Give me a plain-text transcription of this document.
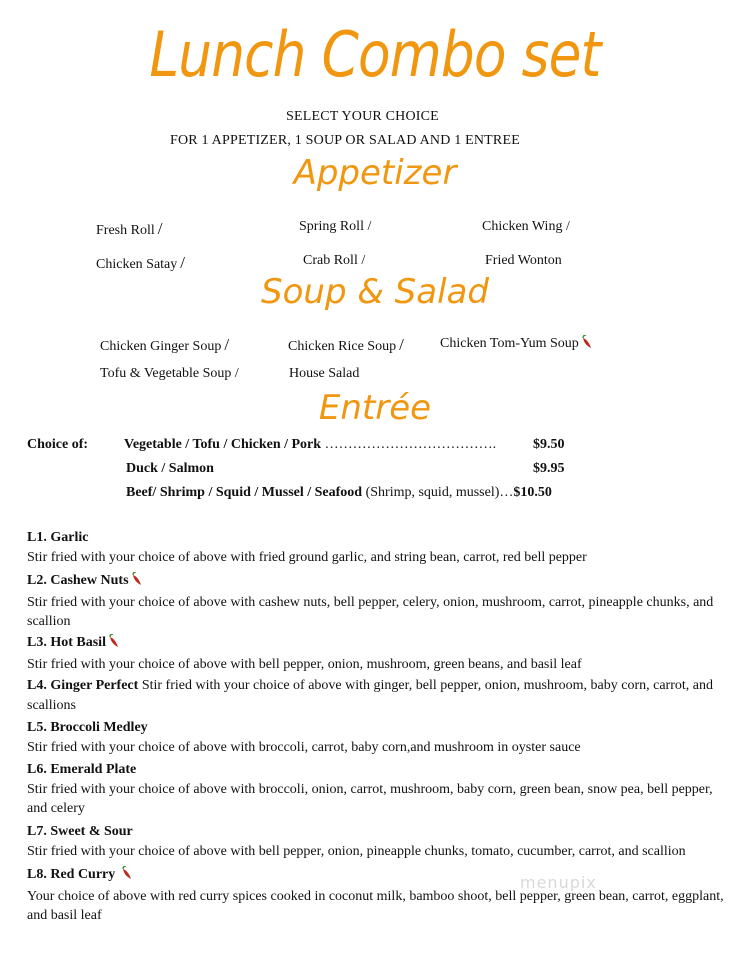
Lunch Combo set
SELECT YOUR CHOICE
FOR 1 APPETIZER, 1 SOUP OR SALAD AND 1 ENTREE
Appetizer
Fresh Roll /	Spring Roll /	Chicken Wing /
Chicken Satay /	Crab Roll /	Fried Wonton
Soup & Salad
Chicken Ginger Soup /	Chicken Rice Soup /	Chicken Tom-Yum Soup
Tofu & Vegetable Soup /	House Salad
Entrée
Choice of:	Vegetable / Tofu / Chicken / Pork ……………………………….	$9.50
Duck / Salmon	$9.95
Beef/ Shrimp / Squid / Mussel / Seafood (Shrimp, squid, mussel)…$10.50
L1. Garlic
Stir fried with your choice of above with fried ground garlic, and string bean, carrot, red bell pepper
L2. Cashew Nuts
Stir fried with your choice of above with cashew nuts, bell pepper, celery, onion, mushroom, carrot, pineapple chunks, and scallion
L3. Hot Basil
Stir fried with your choice of above with bell pepper, onion, mushroom, green beans, and basil leaf
L4. Ginger Perfect Stir fried with your choice of above with ginger, bell pepper, onion, mushroom, baby corn, carrot, and scallions
L5. Broccoli Medley
Stir fried with your choice of above with broccoli, carrot, baby corn,and mushroom in oyster sauce
L6. Emerald Plate
Stir fried with your choice of above with broccoli, onion, carrot, mushroom, baby corn, green bean, snow pea, bell pepper, and celery
L7. Sweet & Sour
Stir fried with your choice of above with bell pepper, onion, pineapple chunks, tomato, cucumber, carrot, and scallion
L8. Red Curry
Your choice of above with red curry spices cooked in coconut milk, bamboo shoot, bell pepper, green bean, carrot, eggplant, and basil leaf
menupix
